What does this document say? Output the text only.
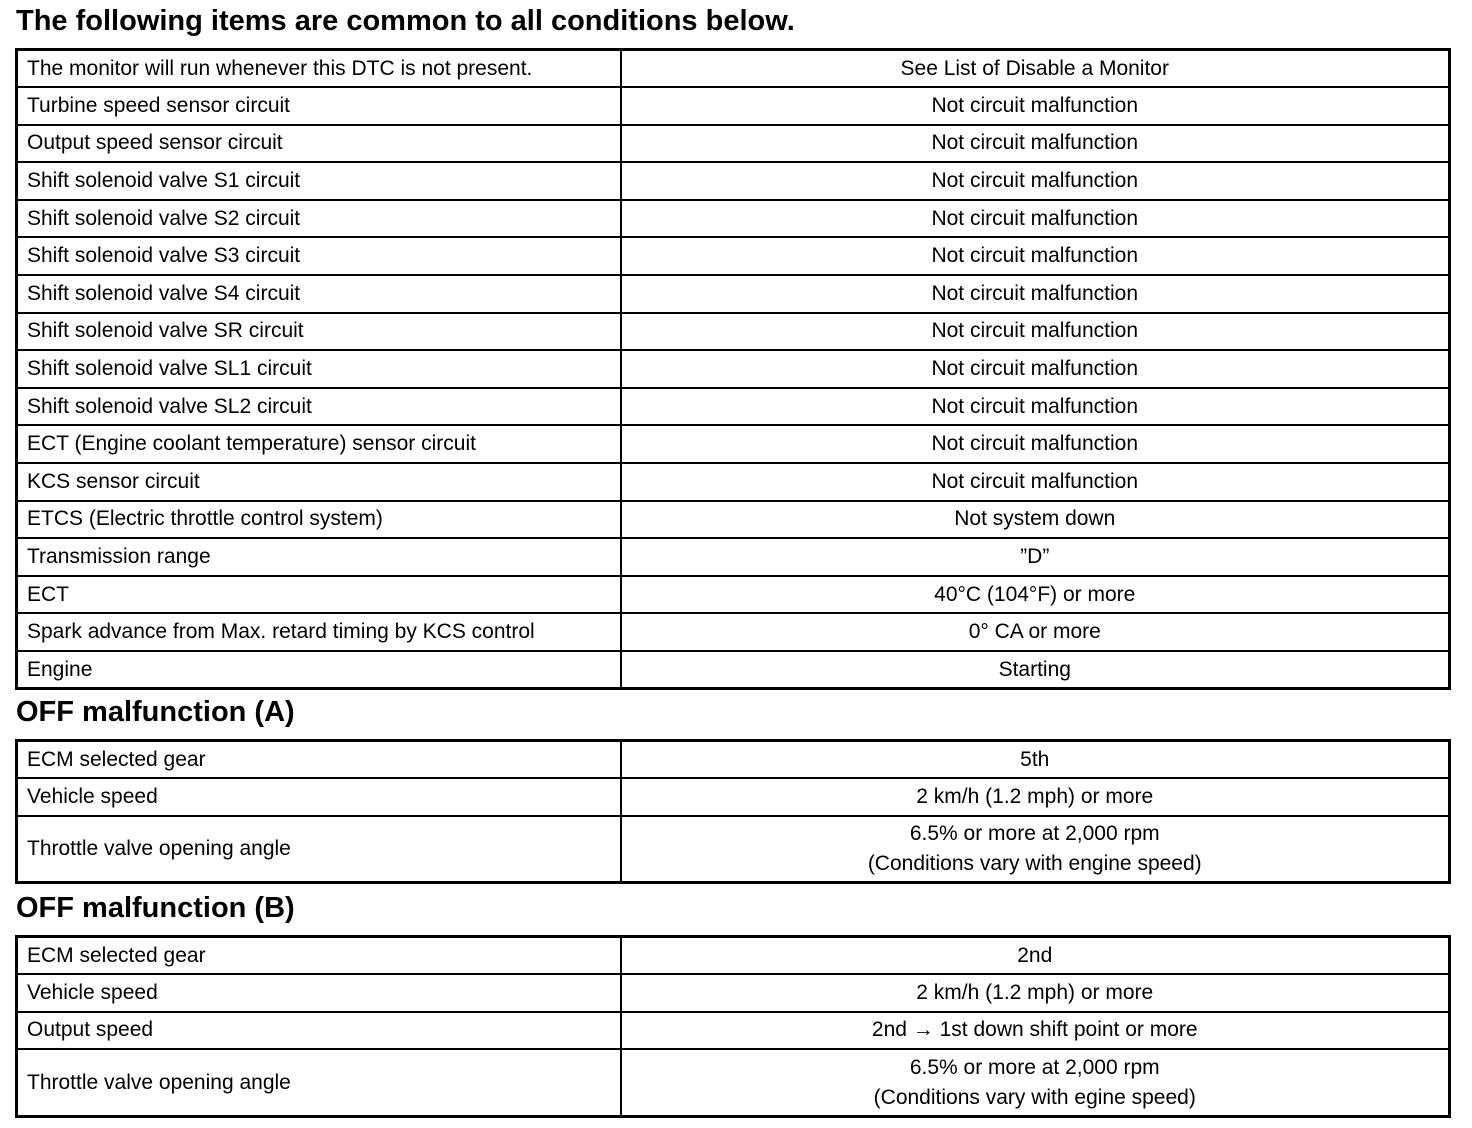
The following items are common to all conditions below.
The monitor will run whenever this DTC is not present.	See List of Disable a Monitor
Turbine speed sensor circuit	Not circuit malfunction
Output speed sensor circuit	Not circuit malfunction
Shift solenoid valve S1 circuit	Not circuit malfunction
Shift solenoid valve S2 circuit	Not circuit malfunction
Shift solenoid valve S3 circuit	Not circuit malfunction
Shift solenoid valve S4 circuit	Not circuit malfunction
Shift solenoid valve SR circuit	Not circuit malfunction
Shift solenoid valve SL1 circuit	Not circuit malfunction
Shift solenoid valve SL2 circuit	Not circuit malfunction
ECT (Engine coolant temperature) sensor circuit	Not circuit malfunction
KCS sensor circuit	Not circuit malfunction
ETCS (Electric throttle control system)	Not system down
Transmission range	”D”
ECT	40°C (104°F) or more
Spark advance from Max. retard timing by KCS control	0° CA or more
Engine	Starting
OFF malfunction (A)
ECM selected gear	5th
Vehicle speed	2 km/h (1.2 mph) or more
Throttle valve opening angle	6.5% or more at 2,000 rpm
(Conditions vary with engine speed)
OFF malfunction (B)
ECM selected gear	2nd
Vehicle speed	2 km/h (1.2 mph) or more
Output speed	2nd → 1st down shift point or more
Throttle valve opening angle	6.5% or more at 2,000 rpm
(Conditions vary with egine speed)
